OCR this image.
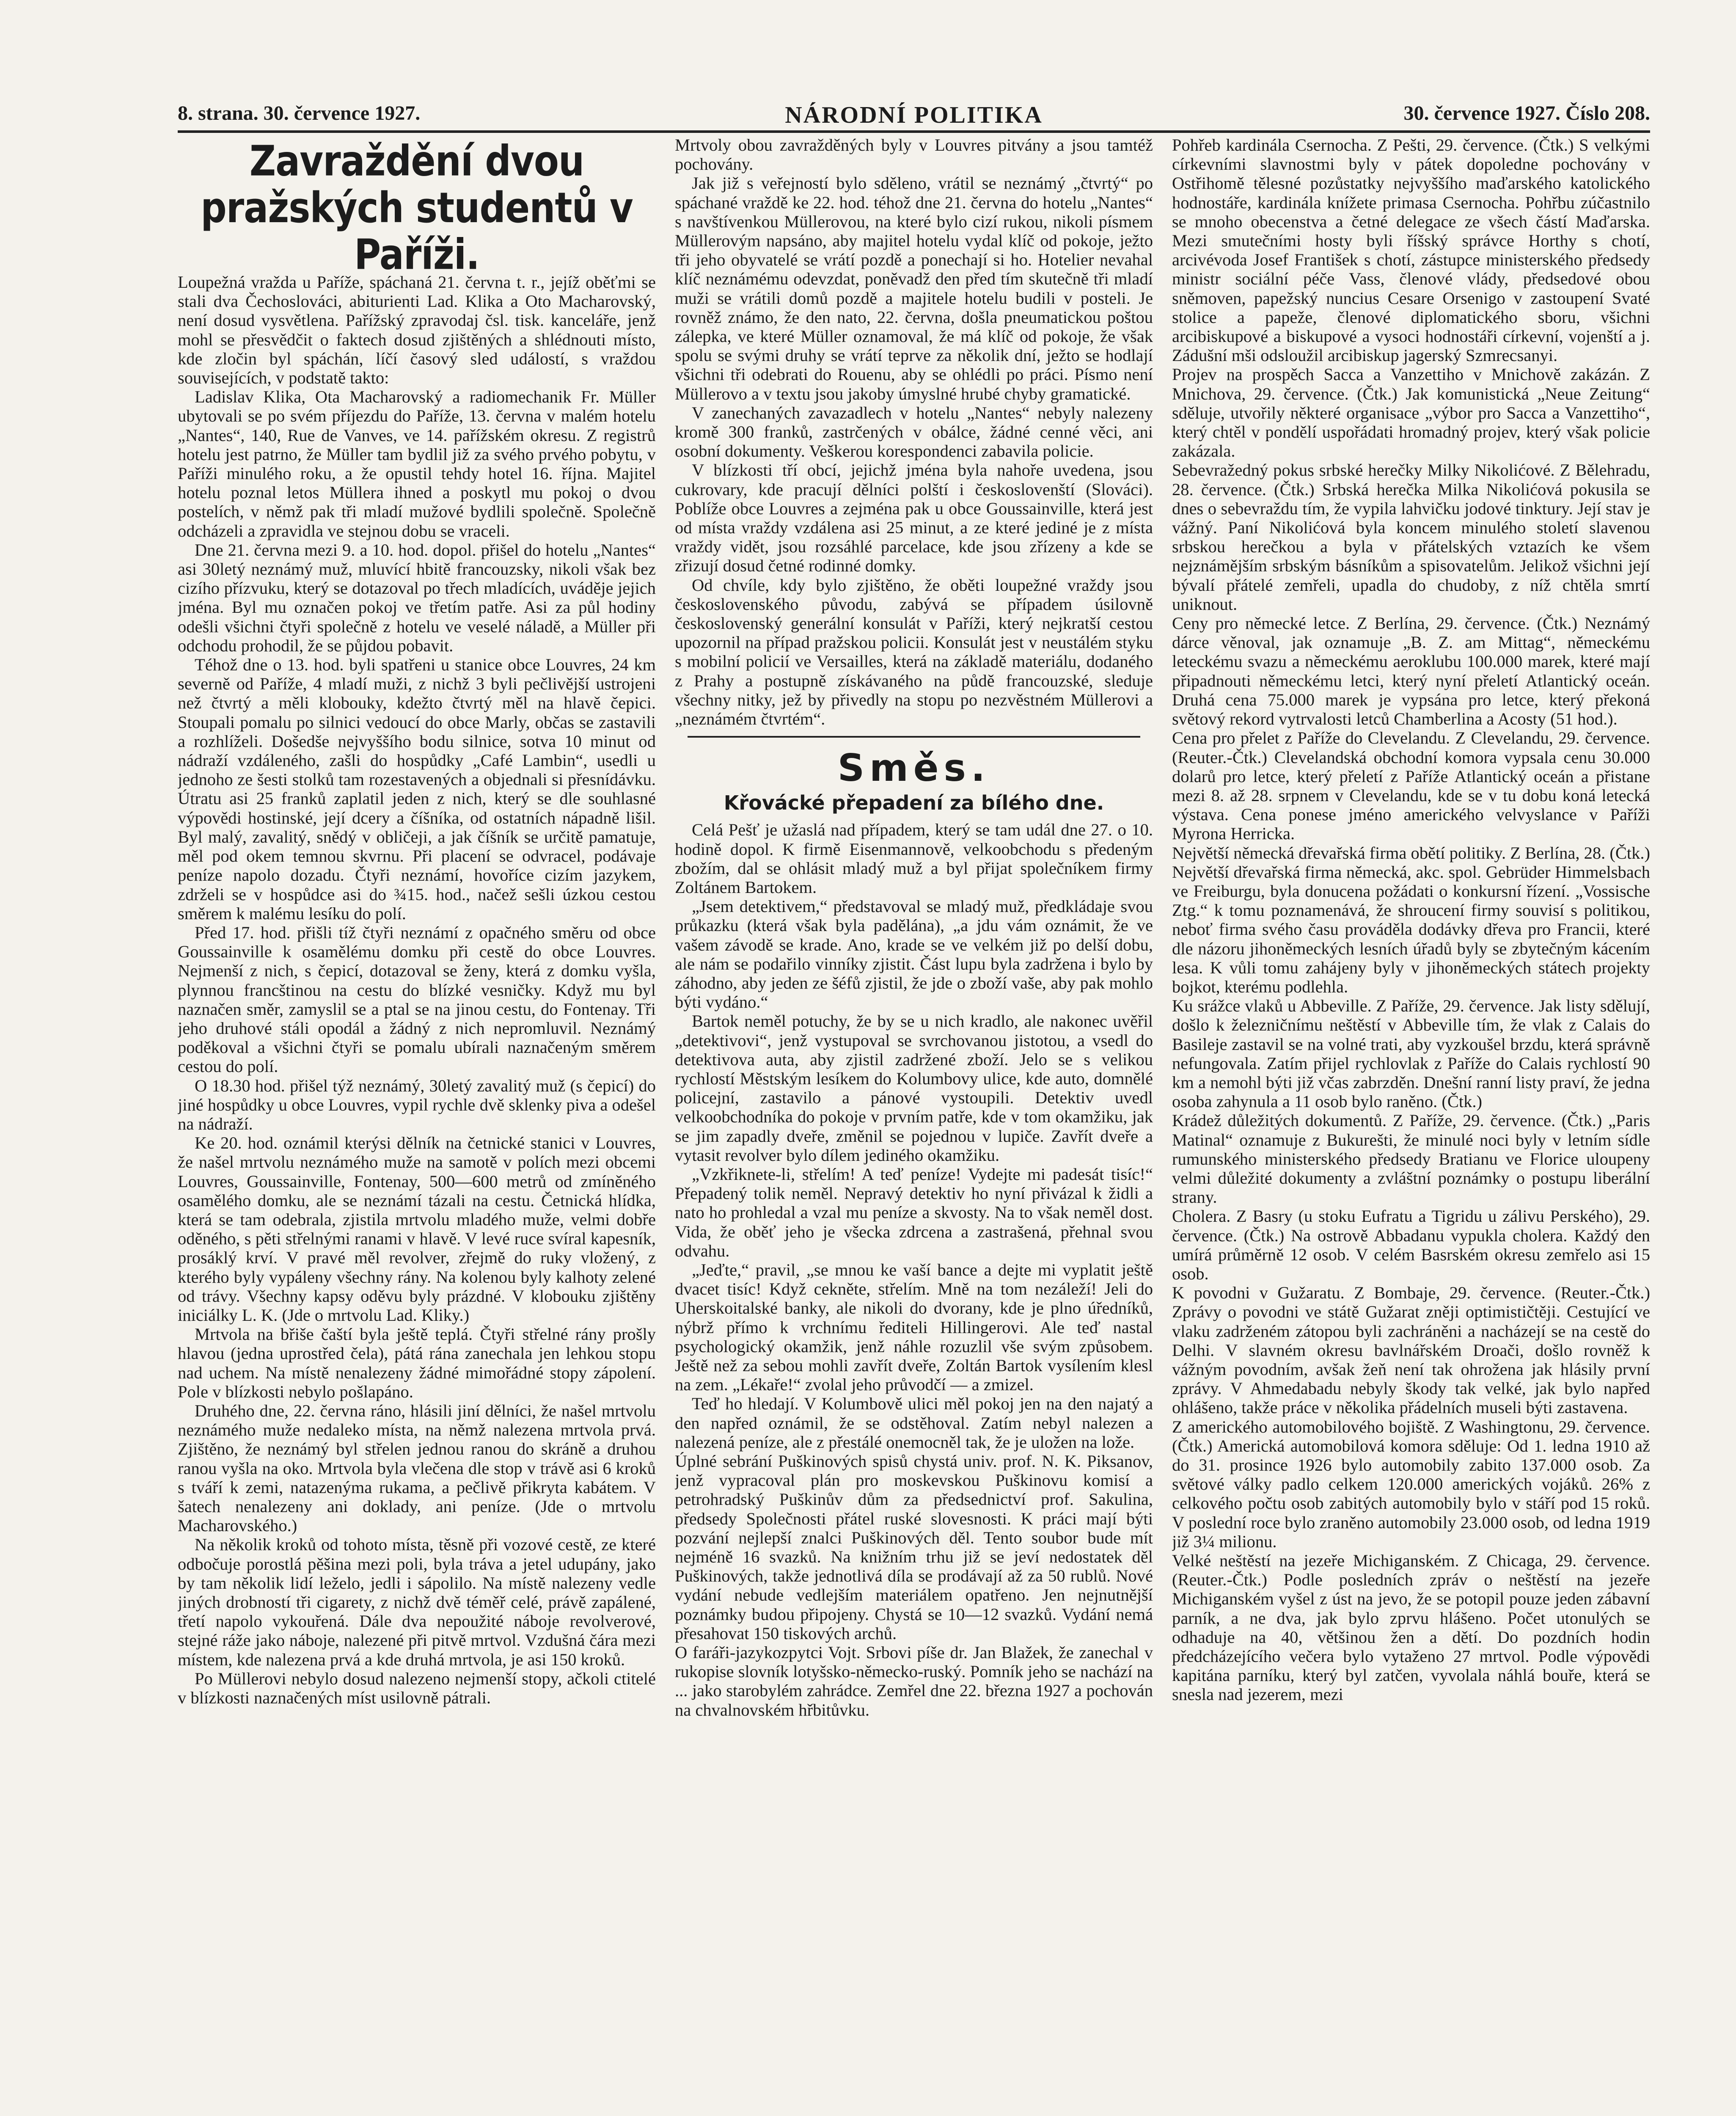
8. strana. 30. července 1927.	NÁRODNÍ POLITIKA	30. července 1927. Číslo 208.
Zavraždění dvou pražských studentů v Paříži.

Loupežná vražda u Paříže, spáchaná 21. června t. r., jejíž oběťmi se stali dva Čechoslováci, abiturienti Lad. Klika a Oto Macharovský, není dosud vysvětlena. Pařížský zpravodaj čsl. tisk. kanceláře, jenž mohl se přesvědčit o faktech dosud zjištěných a shlédnouti místo, kde zločin byl spáchán, líčí časový sled událostí, s vraždou souvisejících, v podstatě takto:

Ladislav Klika, Ota Macharovský a radiomechanik Fr. Müller ubytovali se po svém příjezdu do Paříže, 13. června v malém hotelu „Nantes“, 140, Rue de Vanves, ve 14. pařížském okresu. Z registrů hotelu jest patrno, že Müller tam bydlil již za svého prvého pobytu, v Paříži minulého roku, a že opustil tehdy hotel 16. října. Majitel hotelu poznal letos Müllera ihned a poskytl mu pokoj o dvou postelích, v němž pak tři mladí mužové bydlili společně. Společně odcházeli a zpravidla ve stejnou dobu se vraceli.

Dne 21. června mezi 9. a 10. hod. dopol. přišel do hotelu „Nantes“ asi 30letý neznámý muž, mluvící hbitě francouzsky, nikoli však bez cizího přízvuku, který se dotazoval po třech mladících, uváděje jejich jména. Byl mu označen pokoj ve třetím patře. Asi za půl hodiny odešli všichni čtyři společně z hotelu ve veselé náladě, a Müller při odchodu prohodil, že se půjdou pobavit.

Téhož dne o 13. hod. byli spatřeni u stanice obce Louvres, 24 km severně od Paříže, 4 mladí muži, z nichž 3 byli pečlivější ustrojeni než čtvrtý a měli klobouky, kdežto čtvrtý měl na hlavě čepici. Stoupali pomalu po silnici vedoucí do obce Marly, občas se zastavili a rozhlíželi. Došedše nejvyššího bodu silnice, sotva 10 minut od nádraží vzdáleného, zašli do hospůdky „Café Lambin“, usedli u jednoho ze šesti stolků tam rozestavených a objednali si přesnídávku. Útratu asi 25 franků zaplatil jeden z nich, který se dle souhlasné výpovědi hostinské, její dcery a číšníka, od ostatních nápadně lišil. Byl malý, zavalitý, snědý v obličeji, a jak číšník se určitě pamatuje, měl pod okem temnou skvrnu. Při placení se odvracel, podávaje peníze napolo dozadu. Čtyři neznámí, hovoříce cizím jazykem, zdrželi se v hospůdce asi do ¾15. hod., načež sešli úzkou cestou směrem k malému lesíku do polí.

Před 17. hod. přišli tíž čtyři neznámí z opačného směru od obce Goussainville k osamělému domku při cestě do obce Louvres. Nejmenší z nich, s čepicí, dotazoval se ženy, která z domku vyšla, plynnou francštinou na cestu do blízké vesničky. Když mu byl naznačen směr, zamyslil se a ptal se na jinou cestu, do Fontenay. Tři jeho druhové stáli opodál a žádný z nich nepromluvil. Neznámý poděkoval a všichni čtyři se pomalu ubírali naznačeným směrem cestou do polí.

O 18.30 hod. přišel týž neznámý, 30letý zavalitý muž (s čepicí) do jiné hospůdky u obce Louvres, vypil rychle dvě sklenky piva a odešel na nádraží.

Ke 20. hod. oznámil kterýsi dělník na četnické stanici v Louvres, že našel mrtvolu neznámého muže na samotě v polích mezi obcemi Louvres, Goussainville, Fontenay, 500—600 metrů od zmíněného osamělého domku, ale se neznámí tázali na cestu. Četnická hlídka, která se tam odebrala, zjistila mrtvolu mladého muže, velmi dobře oděného, s pěti střelnými ranami v hlavě. V levé ruce svíral kapesník, prosáklý krví. V pravé měl revolver, zřejmě do ruky vložený, z kterého byly vypáleny všechny rány. Na kolenou byly kalhoty zelené od trávy. Všechny kapsy oděvu byly prázdné. V klobouku zjištěny iniciálky L. K. (Jde o mrtvolu Lad. Kliky.)

Mrtvola na břiše čaští byla ještě teplá. Čtyři střelné rány prošly hlavou (jedna uprostřed čela), pátá rána zanechala jen lehkou stopu nad uchem. Na místě nenalezeny žádné mimořádné stopy zápolení. Pole v blízkosti nebylo pošlapáno.

Druhého dne, 22. června ráno, hlásili jiní dělníci, že našel mrtvolu neznámého muže nedaleko místa, na němž nalezena mrtvola prvá. Zjištěno, že neznámý byl střelen jednou ranou do skráně a druhou ranou vyšla na oko. Mrtvola byla vlečena dle stop v trávě asi 6 kroků s tváří k zemi, natazenýma rukama, a pečlivě přikryta kabátem. V šatech nenalezeny ani doklady, ani peníze. (Jde o mrtvolu Macharovského.)

Na několik kroků od tohoto místa, těsně při vozové cestě, ze které odbočuje porostlá pěšina mezi poli, byla tráva a jetel udupány, jako by tam několik lidí leželo, jedli i sápolilo. Na místě nalezeny vedle jiných drobností tři cigarety, z nichž dvě téměř celé, právě zapálené, třetí napolo vykouřená. Dále dva nepoužité náboje revolverové, stejné ráže jako náboje, nalezené při pitvě mrtvol. Vzdušná čára mezi místem, kde nalezena prvá a kde druhá mrtvola, je asi 150 kroků.

Po Müllerovi nebylo dosud nalezeno nejmenší stopy, ačkoli ctitelé v blízkosti naznačených míst usilovně pátrali.

Mrtvoly obou zavražděných byly v Louvres pitvány a jsou tamtéž pochovány.

Jak již s veřejností bylo sděleno, vrátil se neznámý „čtvrtý“ po spáchané vraždě ke 22. hod. téhož dne 21. června do hotelu „Nantes“ s navštívenkou Müllerovou, na které bylo cizí rukou, nikoli písmem Müllerovým napsáno, aby majitel hotelu vydal klíč od pokoje, ježto tři jeho obyvatelé se vrátí pozdě a ponechají si ho. Hotelier nevahal klíč neznámému odevzdat, poněvadž den před tím skutečně tři mladí muži se vrátili domů pozdě a majitele hotelu budili v posteli. Je rovněž známo, že den nato, 22. června, došla pneumatickou poštou zálepka, ve které Müller oznamoval, že má klíč od pokoje, že však spolu se svými druhy se vrátí teprve za několik dní, ježto se hodlají všichni tři odebrati do Rouenu, aby se ohlédli po práci. Písmo není Müllerovo a v textu jsou jakoby úmyslné hrubé chyby gramatické.

V zanechaných zavazadlech v hotelu „Nantes“ nebyly nalezeny kromě 300 franků, zastrčených v obálce, žádné cenné věci, ani osobní dokumenty. Veškerou korespondenci zabavila policie.

V blízkosti tří obcí, jejichž jména byla nahoře uvedena, jsou cukrovary, kde pracují dělníci polští i českoslovenští (Slováci). Poblíže obce Louvres a zejména pak u obce Goussainville, která jest od místa vraždy vzdálena asi 25 minut, a ze které jediné je z místa vraždy vidět, jsou rozsáhlé parcelace, kde jsou zřízeny a kde se zřizují dosud četné rodinné domky.

Od chvíle, kdy bylo zjištěno, že oběti loupežné vraždy jsou československého původu, zabývá se případem úsilovně československý generální konsulát v Paříži, který nejkratší cestou upozornil na případ pražskou policii. Konsulát jest v neustálém styku s mobilní policií ve Versailles, která na základě materiálu, dodaného z Prahy a postupně získávaného na půdě francouzské, sleduje všechny nitky, jež by přivedly na stopu po nezvěstném Müllerovi a „neznámém čtvrtém“.

Směs.
Křovácké přepadení za bílého dne.

Celá Pešť je užaslá nad případem, který se tam udál dne 27. o 10. hodině dopol. K firmě Eisenmannově, velkoobchodu s předeným zbožím, dal se ohlásit mladý muž a byl přijat společníkem firmy Zoltánem Bartokem.

„Jsem detektivem,“ představoval se mladý muž, předkládaje svou průkazku (která však byla padělána), „a jdu vám oznámit, že ve vašem závodě se krade. Ano, krade se ve velkém již po delší dobu, ale nám se podařilo vinníky zjistit. Část lupu byla zadržena i bylo by záhodno, aby jeden ze šéfů zjistil, že jde o zboží vaše, aby pak mohlo býti vydáno.“

Bartok neměl potuchy, že by se u nich kradlo, ale nakonec uvěřil „detektivovi“, jenž vystupoval se svrchovanou jistotou, a vsedl do detektivova auta, aby zjistil zadržené zboží. Jelo se s velikou rychlostí Městským lesíkem do Kolumbovy ulice, kde auto, domnělé policejní, zastavilo a pánové vystoupili. Detektiv uvedl velkoobchodníka do pokoje v prvním patře, kde v tom okamžiku, jak se jim zapadly dveře, změnil se pojednou v lupiče. Zavřít dveře a vytasit revolver bylo dílem jediného okamžiku.

„Vzkřiknete-li, střelím! A teď peníze! Vydejte mi padesát tisíc!“ Přepadený tolik neměl. Nepravý detektiv ho nyní přivázal k židli a nato ho prohledal a vzal mu peníze a skvosty. Na to však neměl dost. Vida, že oběť jeho je všecka zdrcena a zastrašená, přehnal svou odvahu.

„Jeďte,“ pravil, „se mnou ke vaší bance a dejte mi vyplatit ještě dvacet tisíc! Když cekněte, střelím. Mně na tom nezáleží! Jeli do Uherskoitalské banky, ale nikoli do dvorany, kde je plno úředníků, nýbrž přímo k vrchnímu řediteli Hillingerovi. Ale teď nastal psychologický okamžik, jenž náhle rozuzlil vše svým způsobem. Ještě než za sebou mohli zavřít dveře, Zoltán Bartok vysílením klesl na zem. „Lékaře!“ zvolal jeho průvodčí — a zmizel.

Teď ho hledají. V Kolumbově ulici měl pokoj jen na den najatý a den napřed oznámil, že se odstěhoval. Zatím nebyl nalezen a nalezená peníze, ale z přestálé onemocněl tak, že je uložen na lože.

Úplné sebrání Puškinových spisů chystá univ. prof. N. K. Piksanov, jenž vypracoval plán pro moskevskou Puškinovu komisí a petrohradský Puškinův dům za předsednictví prof. Sakulina, předsedy Společnosti přátel ruské slovesnosti. K práci mají býti pozvání nejlepší znalci Puškinových děl. Tento soubor bude mít nejméně 16 svazků. Na knižním trhu již se jeví nedostatek děl Puškinových, takže jednotlivá díla se prodávají až za 50 rublů. Nové vydání nebude vedlejším materiálem opatřeno. Jen nejnutnější poznámky budou připojeny. Chystá se 10—12 svazků. Vydání nemá přesahovat 150 tiskových archů.

O faráři-jazykozpytci Vojt. Srbovi píše dr. Jan Blažek, že zanechal v rukopise slovník lotyšsko-německo-ruský. Pomník jeho se nachází na ... jako starobylém zahrádce. Zemřel dne 22. března 1927 a pochován na chvalnovském hřbitůvku.

Pohřeb kardinála Csernocha. Z Pešti, 29. července. (Čtk.) S velkými církevními slavnostmi byly v pátek dopoledne pochovány v Ostřihomě tělesné pozůstatky nejvyššího maďarského katolického hodnostáře, kardinála knížete primasa Csernocha. Pohřbu zúčastnilo se mnoho obecenstva a četné delegace ze všech částí Maďarska. Mezi smutečními hosty byli říšský správce Horthy s chotí, arcivévoda Josef František s chotí, zástupce ministerského předsedy ministr sociální péče Vass, členové vlády, předsedové obou sněmoven, papežský nuncius Cesare Orsenigo v zastoupení Svaté stolice a papeže, členové diplomatického sboru, všichni arcibiskupové a biskupové a vysoci hodnostáři církevní, vojenští a j. Zádušní mši odsloužil arcibiskup jagerský Szmrecsanyi.

Projev na prospěch Sacca a Vanzettiho v Mnichově zakázán. Z Mnichova, 29. července. (Čtk.) Jak komunistická „Neue Zeitung“ sděluje, utvořily některé organisace „výbor pro Sacca a Vanzettiho“, který chtěl v pondělí uspořádati hromadný projev, který však policie zakázala.

Sebevražedný pokus srbské herečky Milky Nikolićové. Z Bělehradu, 28. července. (Čtk.) Srbská herečka Milka Nikolićová pokusila se dnes o sebevraždu tím, že vypila lahvičku jodové tinktury. Její stav je vážný. Paní Nikolićová byla koncem minulého století slavenou srbskou herečkou a byla v přátelských vztazích ke všem nejznámějším srbským básníkům a spisovatelům. Jelikož všichni její bývalí přátelé zemřeli, upadla do chudoby, z níž chtěla smrtí uniknout.

Ceny pro německé letce. Z Berlína, 29. července. (Čtk.) Neznámý dárce věnoval, jak oznamuje „B. Z. am Mittag“, německému leteckému svazu a německému aeroklubu 100.000 marek, které mají připadnouti německému letci, který nyní přeletí Atlantický oceán. Druhá cena 75.000 marek je vypsána pro letce, který překoná světový rekord vytrvalosti letců Chamberlina a Acosty (51 hod.).

Cena pro přelet z Paříže do Clevelandu. Z Clevelandu, 29. července. (Reuter.-Čtk.) Clevelandská obchodní komora vypsala cenu 30.000 dolarů pro letce, který přeletí z Paříže Atlantický oceán a přistane mezi 8. až 28. srpnem v Clevelandu, kde se v tu dobu koná letecká výstava. Cena ponese jméno amerického velvyslance v Paříži Myrona Herricka.

Největší německá dřevařská firma obětí politiky. Z Berlína, 28. (Čtk.) Největší dřevařská firma německá, akc. spol. Gebrüder Himmelsbach ve Freiburgu, byla donucena požádati o konkursní řízení. „Vossische Ztg.“ k tomu poznamenává, že shroucení firmy souvisí s politikou, neboť firma svého času prováděla dodávky dřeva pro Francii, které dle názoru jihoněmeckých lesních úřadů byly se zbytečným kácením lesa. K vůli tomu zahájeny byly v jihoněmeckých státech projekty bojkot, kterému podlehla.

Ku srážce vlaků u Abbeville. Z Paříže, 29. července. Jak listy sdělují, došlo k železničnímu neštěstí v Abbeville tím, že vlak z Calais do Basileje zastavil se na volné trati, aby vyzkoušel brzdu, která správně nefungovala. Zatím přijel rychlovlak z Paříže do Calais rychlostí 90 km a nemohl býti již včas zabrzděn. Dnešní ranní listy praví, že jedna osoba zahynula a 11 osob bylo raněno. (Čtk.)

Krádež důležitých dokumentů. Z Paříže, 29. července. (Čtk.) „Paris Matinal“ oznamuje z Bukurešti, že minulé noci byly v letním sídle rumunského ministerského předsedy Bratianu ve Florice uloupeny velmi důležité dokumenty a zvláštní poznámky o postupu liberální strany.

Cholera. Z Basry (u stoku Eufratu a Tigridu u zálivu Perského), 29. července. (Čtk.) Na ostrově Abbadanu vypukla cholera. Každý den umírá průměrně 12 osob. V celém Basrském okresu zemřelo asi 15 osob.

K povodni v Gužaratu. Z Bombaje, 29. července. (Reuter.-Čtk.) Zprávy o povodni ve státě Gužarat zněji optimističtěji. Cestující ve vlaku zadrženém zátopou byli zachráněni a nacházejí se na cestě do Delhi. V slavném okresu bavlnářském Droači, došlo rovněž k vážným povodním, avšak žeň není tak ohrožena jak hlásily první zprávy. V Ahmedabadu nebyly škody tak velké, jak bylo napřed ohlášeno, takže práce v několika přádelních museli býti zastavena.

Z amerického automobilového bojiště. Z Washingtonu, 29. července. (Čtk.) Americká automobilová komora sděluje: Od 1. ledna 1910 až do 31. prosince 1926 bylo automobily zabito 137.000 osob. Za světové války padlo celkem 120.000 amerických vojáků. 26% z celkového počtu osob zabitých automobily bylo v stáří pod 15 roků. V poslední roce bylo zraněno automobily 23.000 osob, od ledna 1919 již 3¼ milionu.

Velké neštěstí na jezeře Michiganském. Z Chicaga, 29. července. (Reuter.-Čtk.) Podle posledních zpráv o neštěstí na jezeře Michiganském vyšel z úst na jevo, že se potopil pouze jeden zábavní parník, a ne dva, jak bylo zprvu hlášeno. Počet utonulých se odhaduje na 40, většinou žen a dětí. Do pozdních hodin předcházejícího večera bylo vytaženo 27 mrtvol. Podle výpovědi kapitána parníku, který byl zatčen, vyvolala náhlá bouře, která se snesla nad jezerem, mezi
